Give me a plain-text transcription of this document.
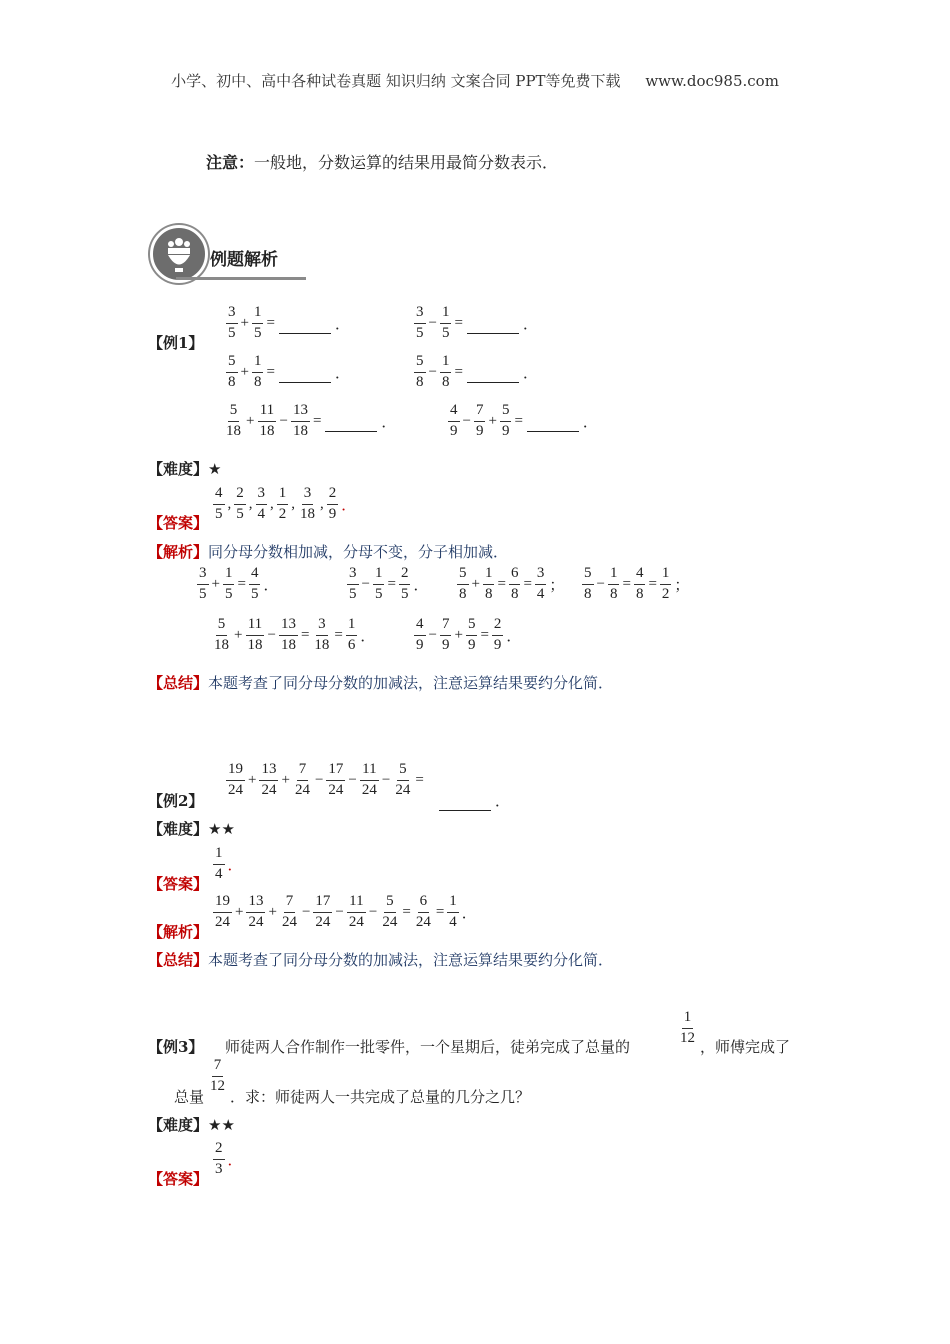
小学、初中、高中各种试卷真题 知识归纳 文案合同 PPT等免费下载 www.doc985.com
注意：一般地，分数运算的结果用最简分数表示．
例题解析
【例1】
$\frac{3}{5} + \frac{1}{5}$ =	．	$\frac{3}{5} - \frac{1}{5}$ =	．
$\frac{5}{8} + \frac{1}{8}$ =	．	$\frac{5}{8} - \frac{1}{8}$ =	．
$\frac{5}{18} + \frac{11}{18} - \frac{13}{18}$ =	．	$\frac{4}{9} - \frac{7}{9} + \frac{5}{9}$ =	．
【难度】★
【答案】
$\frac{4}{5}$ , $\frac{2}{5}$ , $\frac{3}{4}$ , $\frac{1}{2}$ , $\frac{3}{18}$ , $\frac{2}{9}$ ．
【解析】同分母分数相加减，分母不变，分子相加减．
$\frac{3}{5} + \frac{1}{5} = \frac{4}{5}$ ．	$\frac{3}{5} - \frac{1}{5} = \frac{2}{5}$ ． $\frac{5}{8} + \frac{1}{8} = \frac{6}{8} = \frac{3}{4}$ ； $\frac{5}{8} - \frac{1}{8} = \frac{4}{8} = \frac{1}{2}$ ；
$\frac{5}{18} + \frac{11}{18} - \frac{13}{18} = \frac{3}{18} = \frac{1}{6}$ ．	$\frac{4}{9} - \frac{7}{9} + \frac{5}{9} = \frac{2}{9}$ ．
【总结】本题考查了同分母分数的加减法，注意运算结果要约分化简．
【例2】
$\frac{19}{24} + \frac{13}{24} + \frac{7}{24} - \frac{17}{24} - \frac{11}{24} - \frac{5}{24}$ =
．
【难度】★★
【答案】
$\frac{1}{4}$ ．
【解析】
$\frac{19}{24} + \frac{13}{24} + \frac{7}{24} - \frac{17}{24} - \frac{11}{24} - \frac{5}{24} = \frac{6}{24} = \frac{1}{4}$ ．
【总结】本题考查了同分母分数的加减法，注意运算结果要约分化简．
【例3】 师徒两人合作制作一批零件，一个星期后，徒弟完成了总量的
$\frac{1}{12}$
，师傅完成了
总量
$\frac{7}{12}$
．求：师徒两人一共完成了总量的几分之几？
【难度】★★
【答案】
$\frac{2}{3}$ ．
